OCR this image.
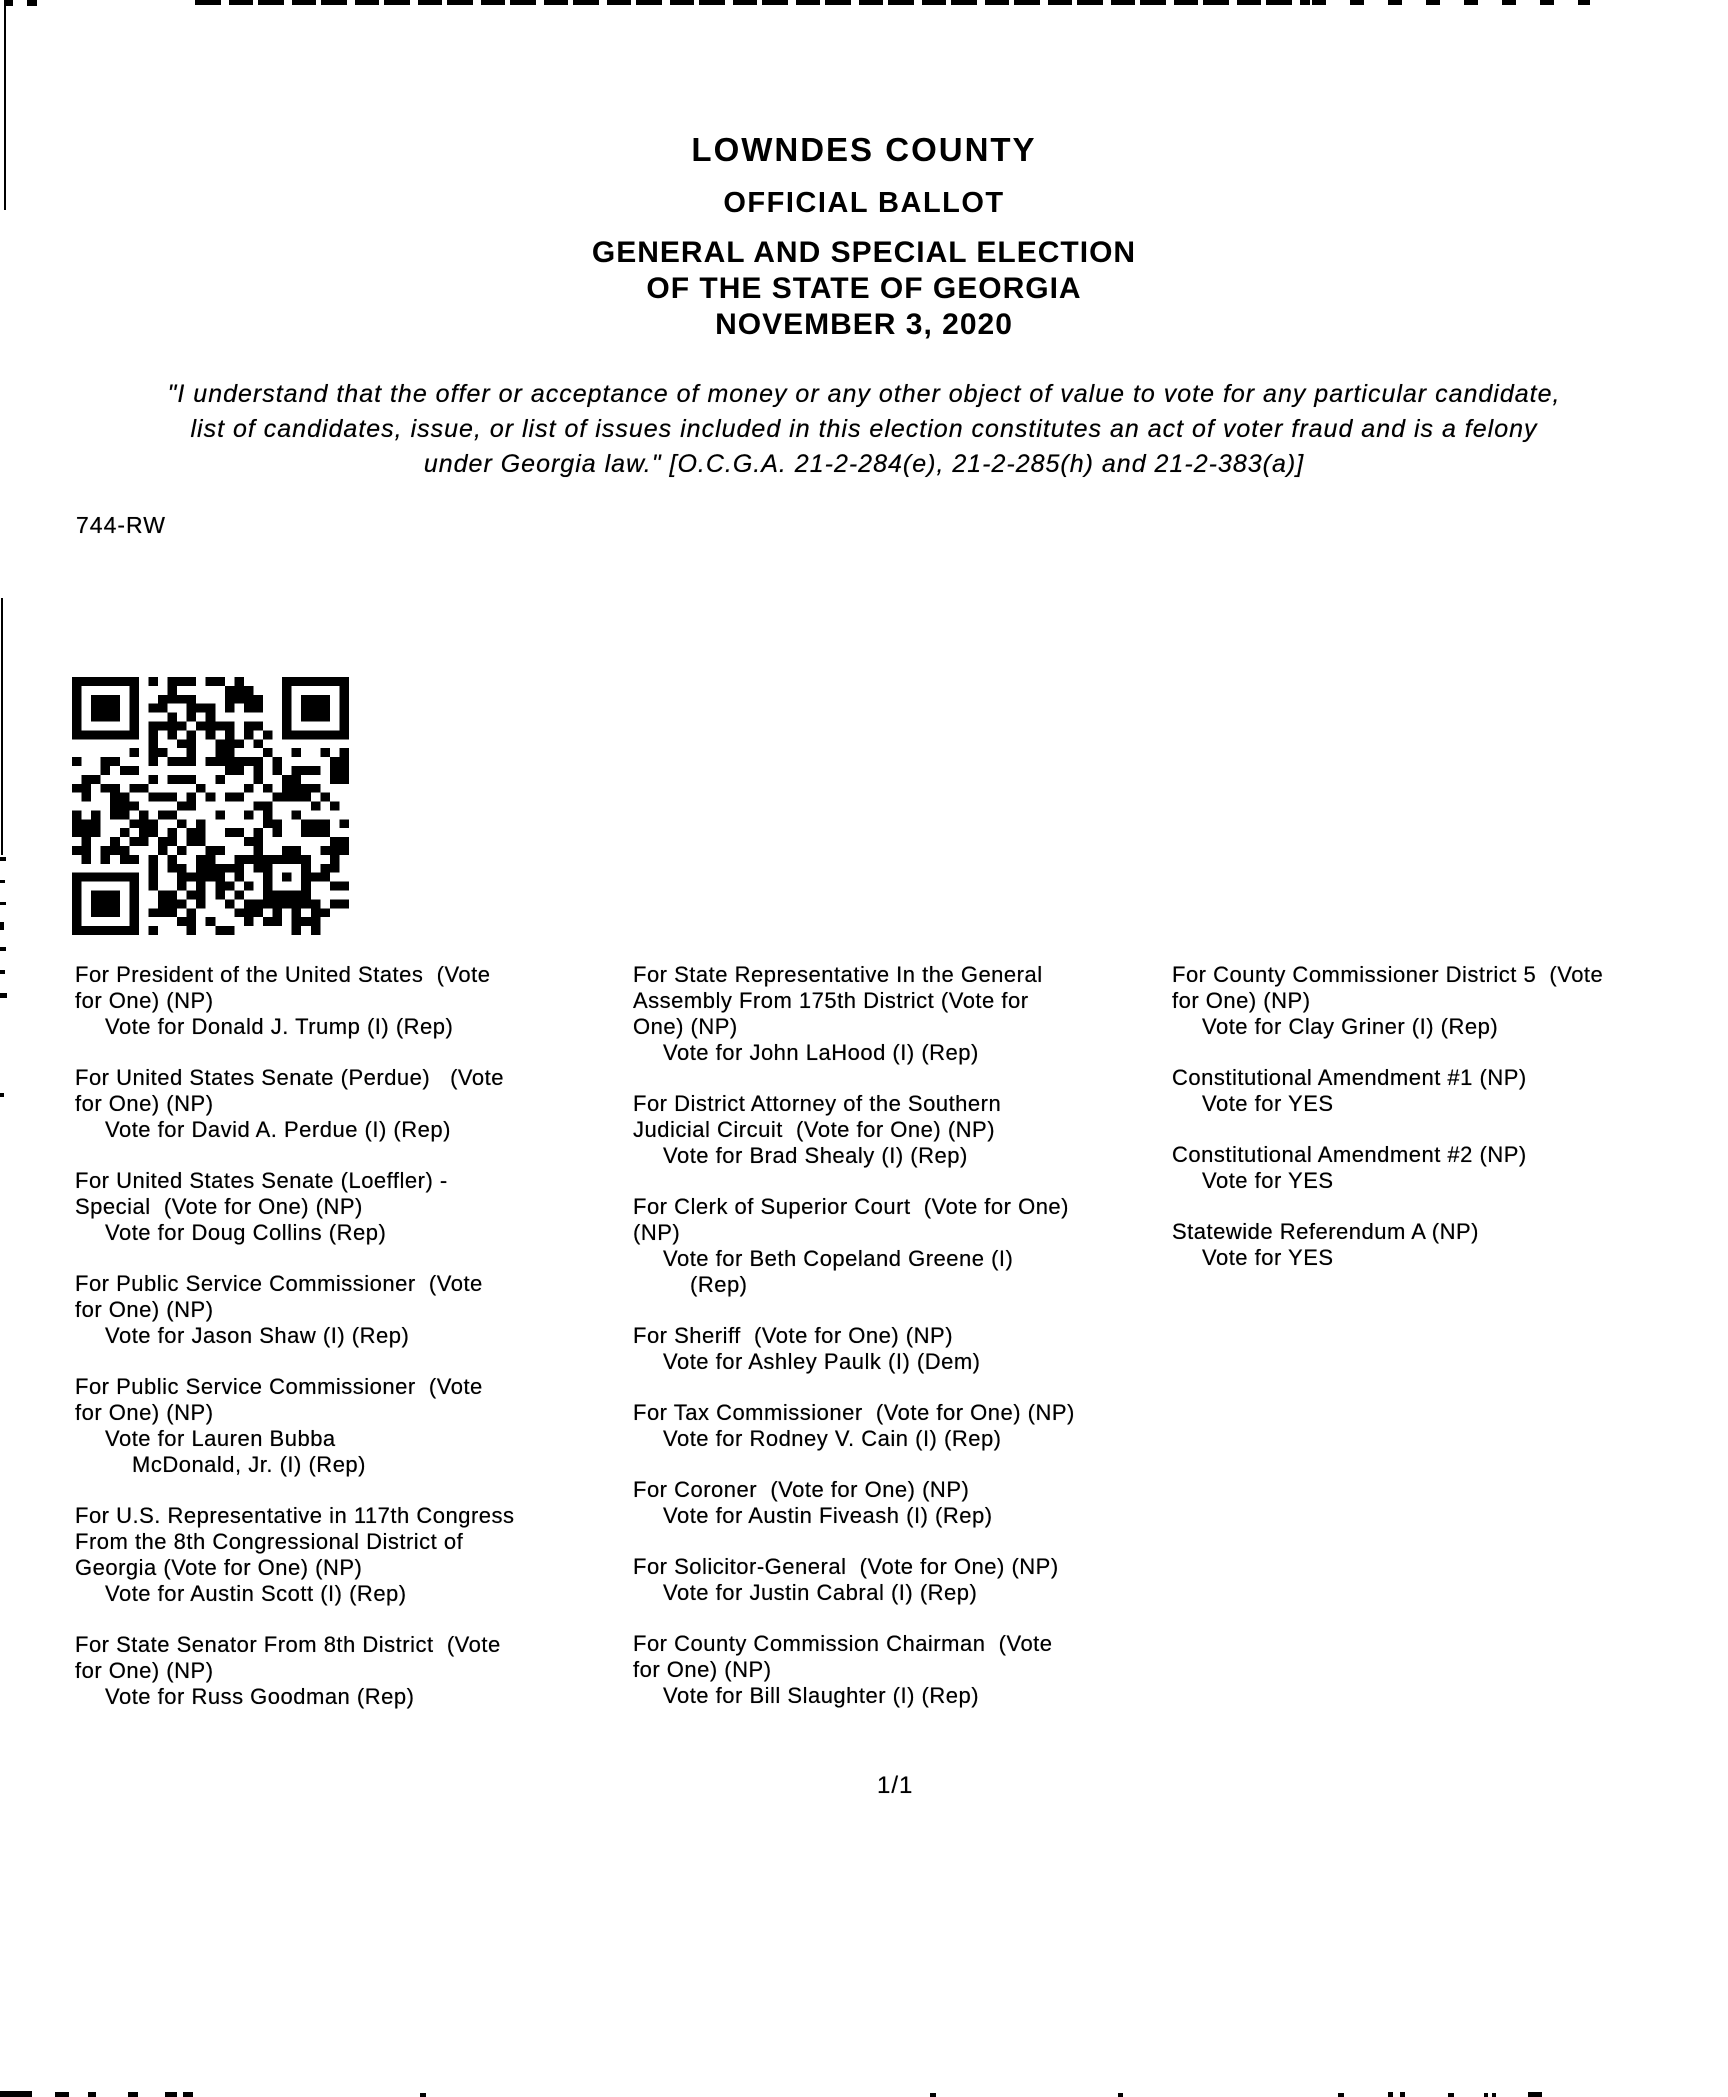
LOWNDES COUNTY
OFFICIAL BALLOT
GENERAL AND SPECIAL ELECTION
OF THE STATE OF GEORGIA
NOVEMBER 3, 2020
"I understand that the offer or acceptance of money or any other object of value to vote for any particular candidate,
list of candidates, issue, or list of issues included in this election constitutes an act of voter fraud and is a felony
under Georgia law." [O.C.G.A. 21-2-284(e), 21-2-285(h) and 21-2-383(a)]
744-RW
For President of the United States  (Vote
for One) (NP)
Vote for Donald J. Trump (I) (Rep)
For United States Senate (Perdue)   (Vote
for One) (NP)
Vote for David A. Perdue (I) (Rep)
For United States Senate (Loeffler) -
Special  (Vote for One) (NP)
Vote for Doug Collins (Rep)
For Public Service Commissioner  (Vote
for One) (NP)
Vote for Jason Shaw (I) (Rep)
For Public Service Commissioner  (Vote
for One) (NP)
Vote for Lauren Bubba
McDonald, Jr. (I) (Rep)
For U.S. Representative in 117th Congress
From the 8th Congressional District of
Georgia (Vote for One) (NP)
Vote for Austin Scott (I) (Rep)
For State Senator From 8th District  (Vote
for One) (NP)
Vote for Russ Goodman (Rep)
For State Representative In the General
Assembly From 175th District (Vote for
One) (NP)
Vote for John LaHood (I) (Rep)
For District Attorney of the Southern
Judicial Circuit  (Vote for One) (NP)
Vote for Brad Shealy (I) (Rep)
For Clerk of Superior Court  (Vote for One)
(NP)
Vote for Beth Copeland Greene (I)
(Rep)
For Sheriff  (Vote for One) (NP)
Vote for Ashley Paulk (I) (Dem)
For Tax Commissioner  (Vote for One) (NP)
Vote for Rodney V. Cain (I) (Rep)
For Coroner  (Vote for One) (NP)
Vote for Austin Fiveash (I) (Rep)
For Solicitor-General  (Vote for One) (NP)
Vote for Justin Cabral (I) (Rep)
For County Commission Chairman  (Vote
for One) (NP)
Vote for Bill Slaughter (I) (Rep)
For County Commissioner District 5  (Vote
for One) (NP)
Vote for Clay Griner (I) (Rep)
Constitutional Amendment #1 (NP)
Vote for YES
Constitutional Amendment #2 (NP)
Vote for YES
Statewide Referendum A (NP)
Vote for YES
1/1
